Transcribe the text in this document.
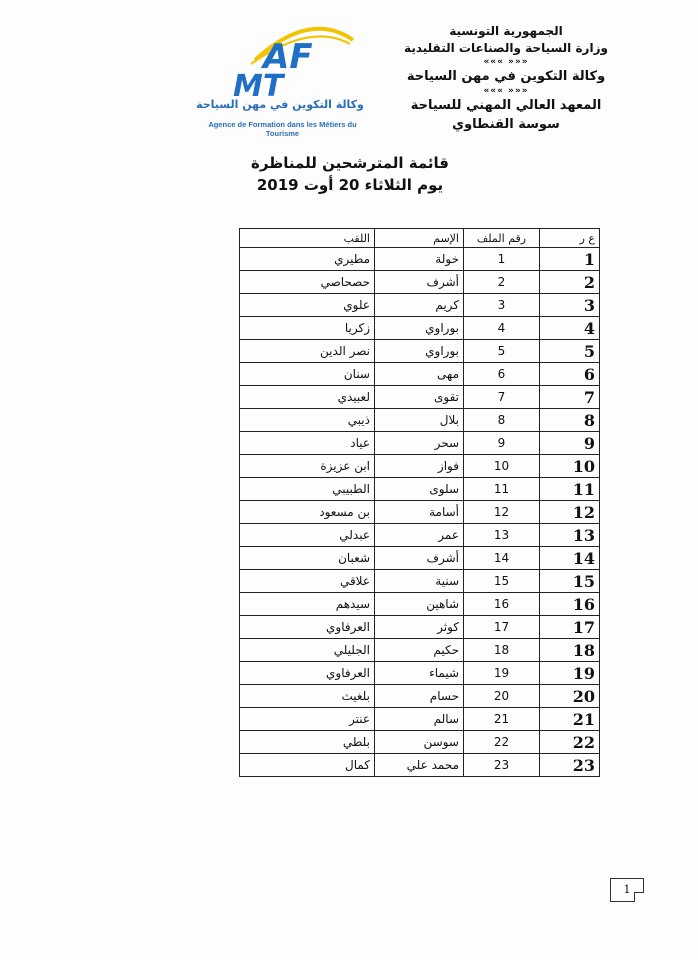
AF
MT
وكالة التكوين في مهن السياحة
Agence de Formation dans les Métiers du Tourisme
الجمهورية التونسية
وزارة السياحة والصناعات التقليدية
««« »»»
وكالة التكوين في مهن السياحة
««« »»»
المعهد العالي المهني للسياحة
سوسة القنطاوي
قائمة المترشحين للمناظرة
يوم الثلاثاء 20 أوت 2019
ع ر	رقم الملف	الإسم	اللقب
1	1	خولة	مطيري
2	2	أشرف	حصحاصي
3	3	كريم	علوي
4	4	بوراوي	زكريا
5	5	بوراوي	نصر الدين
6	6	مهى	سنان
7	7	تقوى	لعبيدي
8	8	بلال	ذيبي
9	9	سحر	عياد
10	10	فواز	ابن عزيزة
11	11	سلوى	الطبيبي
12	12	أسامة	بن مسعود
13	13	عمر	عبدلي
14	14	أشرف	شعبان
15	15	سنية	علاقي
16	16	شاهين	سيدهم
17	17	كوثر	العرفاوي
18	18	حكيم	الجليلي
19	19	شيماء	العرفاوي
20	20	حسام	بلغيث
21	21	سالم	عنتر
22	22	سوسن	بلطي
23	23	محمد علي	كمال
1
